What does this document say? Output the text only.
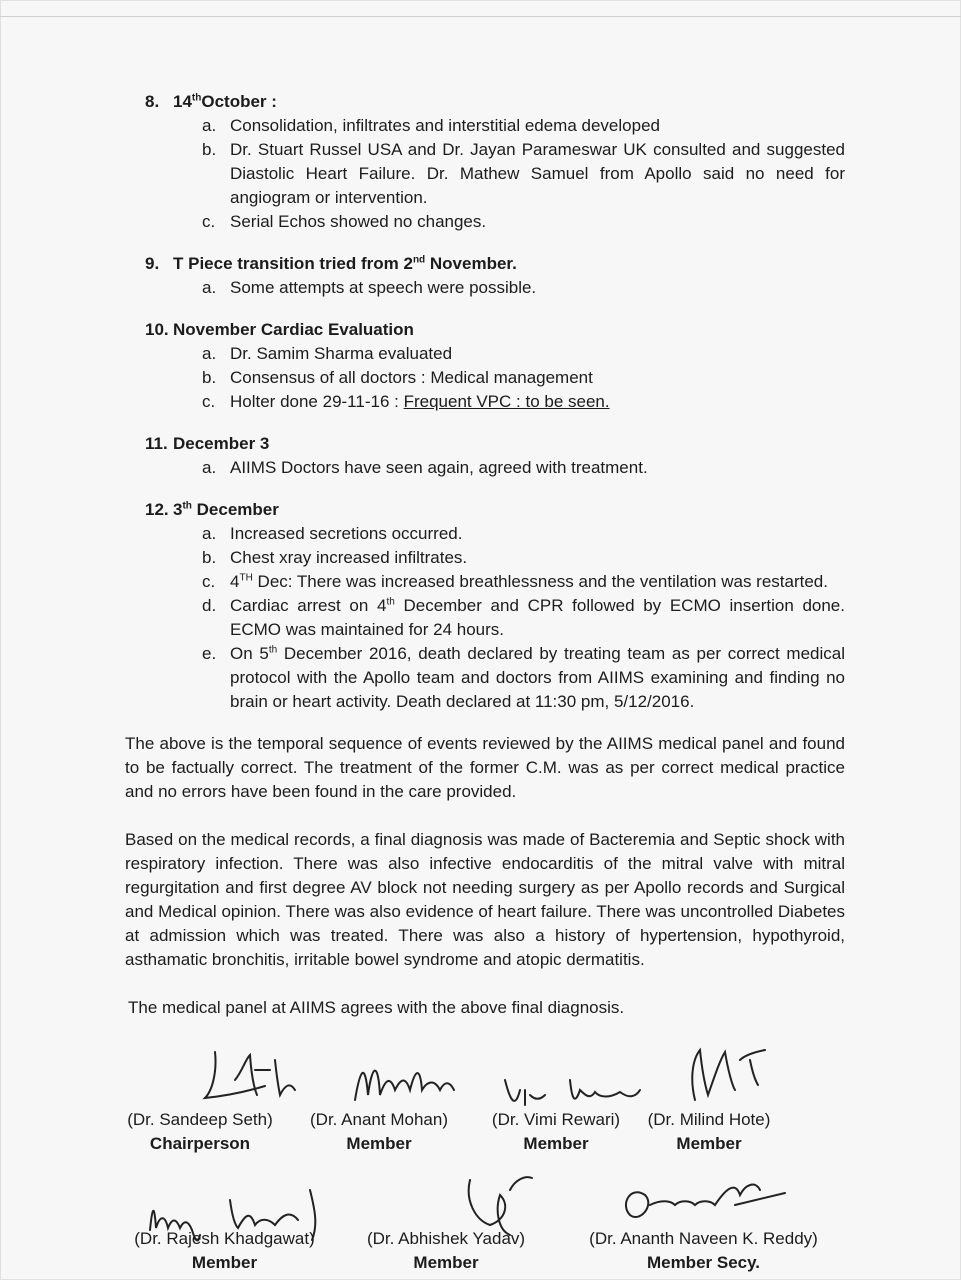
8. 14thOctober :
a. Consolidation, infiltrates and interstitial edema developed
b. Dr. Stuart Russel USA and Dr. Jayan Parameswar UK consulted and suggested Diastolic Heart Failure. Dr. Mathew Samuel from Apollo said no need for angiogram or intervention.
c. Serial Echos showed no changes.
9. T Piece transition tried from 2nd November.
a. Some attempts at speech were possible.
10. November Cardiac Evaluation
a. Dr. Samim Sharma evaluated
b. Consensus of all doctors : Medical management
c. Holter done 29-11-16 : Frequent VPC : to be seen.
11. December 3
a. AIIMS Doctors have seen again, agreed with treatment.
12. 3th December
a. Increased secretions occurred.
b. Chest xray increased infiltrates.
c. 4TH Dec: There was increased breathlessness and the ventilation was restarted.
d. Cardiac arrest on 4th December and CPR followed by ECMO insertion done. ECMO was maintained for 24 hours.
e. On 5th December 2016, death declared by treating team as per correct medical protocol with the Apollo team and doctors from AIIMS examining and finding no brain or heart activity. Death declared at 11:30 pm, 5/12/2016.

The above is the temporal sequence of events reviewed by the AIIMS medical panel and found to be factually correct. The treatment of the former C.M. was as per correct medical practice and no errors have been found in the care provided.

Based on the medical records, a final diagnosis was made of Bacteremia and Septic shock with respiratory infection. There was also infective endocarditis of the mitral valve with mitral regurgitation and first degree AV block not needing surgery as per Apollo records and Surgical and Medical opinion. There was also evidence of heart failure. There was uncontrolled Diabetes at admission which was treated. There was also a history of hypertension, hypothyroid, asthamatic bronchitis, irritable bowel syndrome and atopic dermatitis.

The medical panel at AIIMS agrees with the above final diagnosis.

(Dr. Sandeep Seth)
Chairperson
(Dr. Anant Mohan)
Member
(Dr. Vimi Rewari)
Member
(Dr. Milind Hote)
Member
(Dr. Rajesh Khadgawat)
Member
(Dr. Abhishek Yadav)
Member
(Dr. Ananth Naveen K. Reddy)
Member Secy.
